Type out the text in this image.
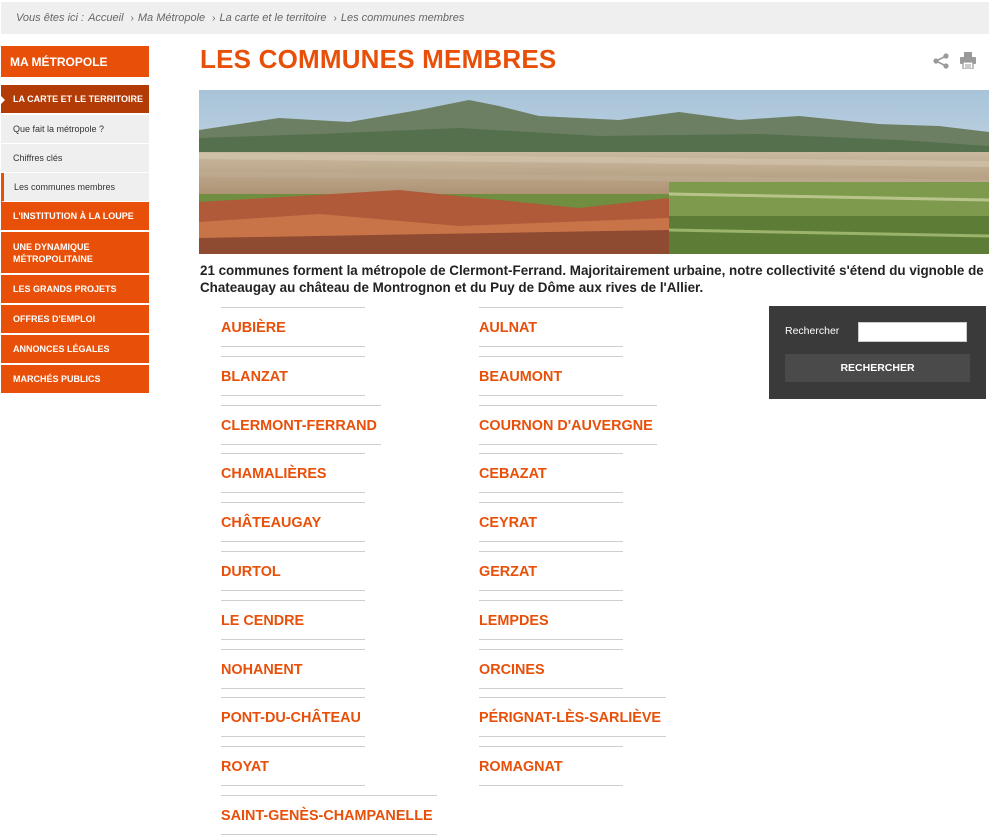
Vous êtes ici : Accueil › Ma Métropole › La carte et le territoire › Les communes membres
MA MÉTROPOLE
LA CARTE ET LE TERRITOIRE
Que fait la métropole ?
Chiffres clés
Les communes membres
L'INSTITUTION À LA LOUPE
UNE DYNAMIQUE MÉTROPOLITAINE
LES GRANDS PROJETS
OFFRES D'EMPLOI
ANNONCES LÉGALES
MARCHÉS PUBLICS
LES COMMUNES MEMBRES

21 communes forment la métropole de Clermont-Ferrand. Majoritairement urbaine, notre collectivité s'étend du vignoble de Chateaugay au château de Montrognon et du Puy de Dôme aux rives de l'Allier.

AUBIÈRE	AULNAT
BLANZAT	BEAUMONT
CLERMONT-FERRAND	COURNON D'AUVERGNE
CHAMALIÈRES	CEBAZAT
CHÂTEAUGAY	CEYRAT
DURTOL	GERZAT
LE CENDRE	LEMPDES
NOHANENT	ORCINES
PONT-DU-CHÂTEAU	PÉRIGNAT-LÈS-SARLIÈVE
ROYAT	ROMAGNAT
SAINT-GENÈS-CHAMPANELLE
Rechercher
RECHERCHER
